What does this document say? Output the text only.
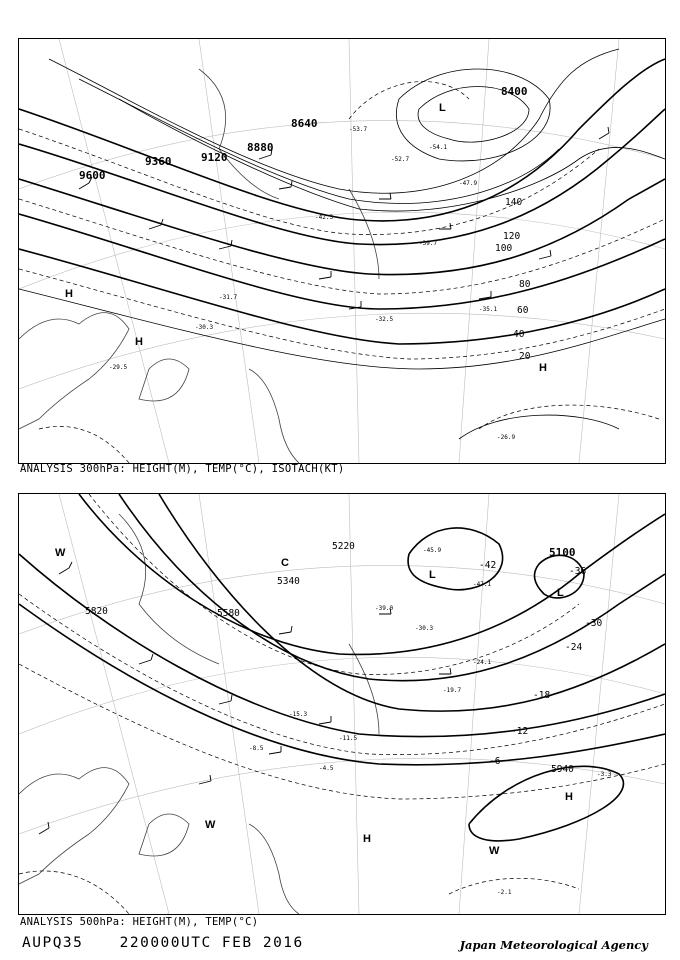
8400
8640
8880
9120
9360
9600
20
40
60
80
100
120
140
L
H
H
H
-53.7
-54.1
-52.7
-47.9
-42.3
-39.7
-35.1
-32.5
-31.7
-30.3
-29.5
-26.9
ANALYSIS 300hPa: HEIGHT(M), TEMP(°C), ISOTACH(KT)
5100
5220
5340
5580
5820
5940
-42
-36
-30
-24
-18
-12
-6
L
L
C
H
H
W
W
W
-45.9
-47.1
-39.0
-30.3
-24.1
-19.7
-15.3
-11.5
-8.5
-4.5
-3.3
-2.1
ANALYSIS 500hPa: HEIGHT(M), TEMP(°C)
AUPQ35 220000UTC FEB 2016	Japan Meteorological Agency
